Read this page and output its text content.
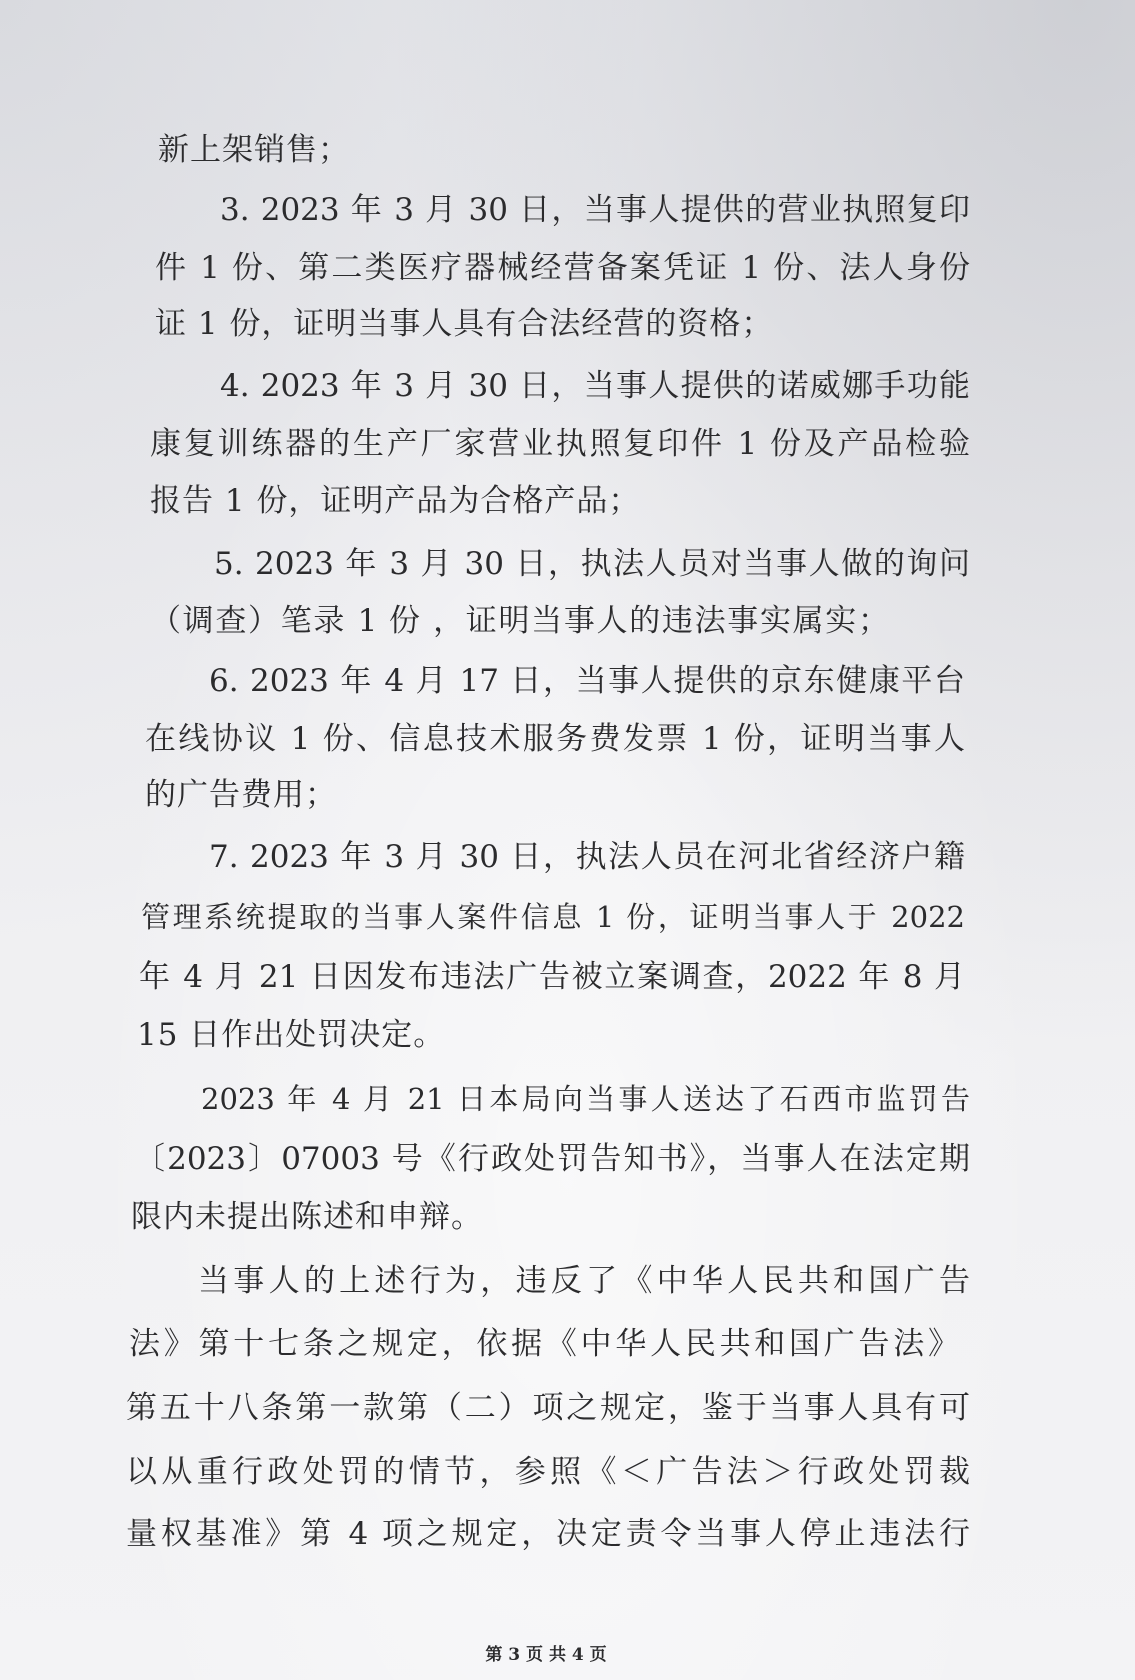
新上架销售；
3. 2023 年 3 月 30 日，当事人提供的营业执照复印
件 1 份、第二类医疗器械经营备案凭证 1 份、法人身份
证 1 份，证明当事人具有合法经营的资格；
4. 2023 年 3 月 30 日，当事人提供的诺威娜手功能
康复训练器的生产厂家营业执照复印件 1 份及产品检验
报告 1 份，证明产品为合格产品；
5. 2023 年 3 月 30 日，执法人员对当事人做的询问
（调查）笔录 1 份 ，证明当事人的违法事实属实；
6. 2023 年 4 月 17 日，当事人提供的京东健康平台
在线协议 1 份、信息技术服务费发票 1 份，证明当事人
的广告费用；
7. 2023 年 3 月 30 日，执法人员在河北省经济户籍
管理系统提取的当事人案件信息 1 份，证明当事人于 2022
年 4 月 21 日因发布违法广告被立案调查，2022 年 8 月
15 日作出处罚决定。
2023 年 4 月 21 日本局向当事人送达了石西市监罚告
〔2023〕07003 号《行政处罚告知书》，当事人在法定期
限内未提出陈述和申辩。
当事人的上述行为，违反了《中华人民共和国广告
法》第十七条之规定，依据《中华人民共和国广告法》
第五十八条第一款第（二）项之规定，鉴于当事人具有可
以从重行政处罚的情节，参照《＜广告法＞行政处罚裁
量权基准》第 4 项之规定，决定责令当事人停止违法行
第 3 页 共 4 页
